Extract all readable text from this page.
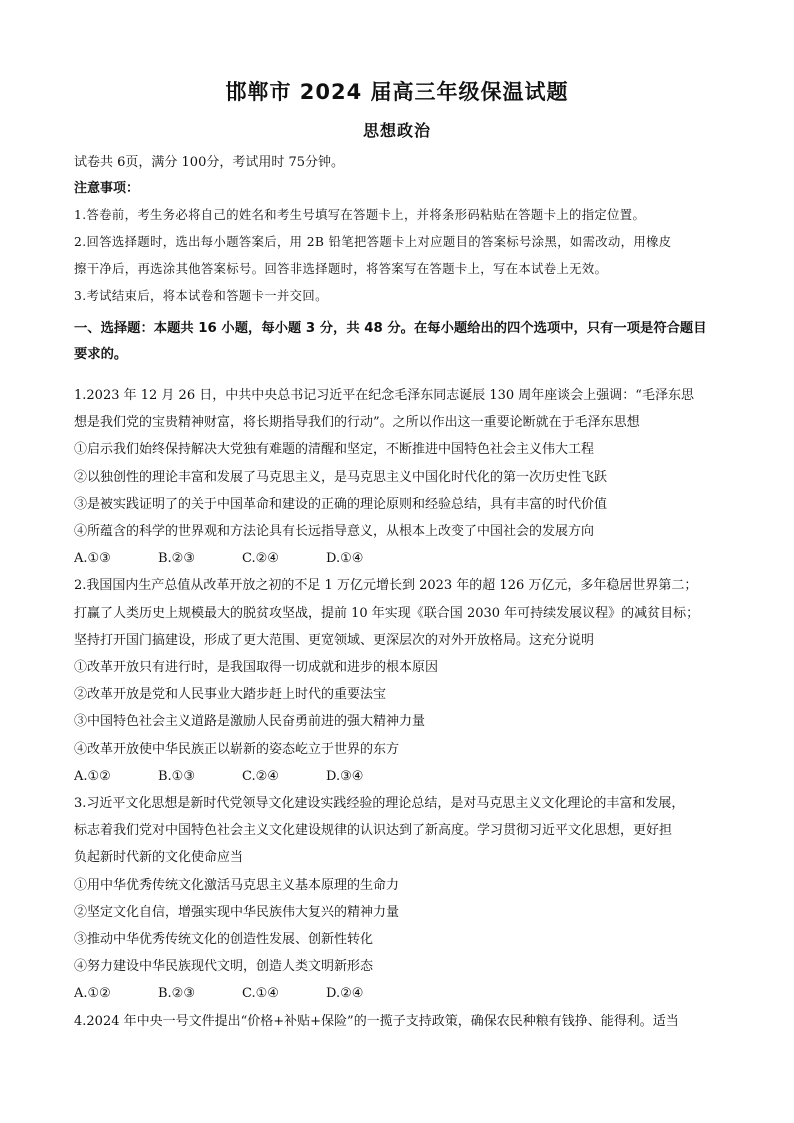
邯郸市 2024 届高三年级保温试题
思想政治
试卷共 6页，满分 100分，考试用时 75分钟。
注意事项：
1.答卷前，考生务必将自己的姓名和考生号填写在答题卡上，并将条形码粘贴在答题卡上的指定位置。
2.回答选择题时，选出每小题答案后，用 2B 铅笔把答题卡上对应题目的答案标号涂黑，如需改动，用橡皮
擦干净后，再选涂其他答案标号。回答非选择题时，将答案写在答题卡上，写在本试卷上无效。
3.考试结束后，将本试卷和答题卡一并交回。
一、选择题：本题共 16 小题，每小题 3 分，共 48 分。在每小题给出的四个选项中，只有一项是符合题目
要求的。
1.2023 年 12 月 26 日，中共中央总书记习近平在纪念毛泽东同志诞辰 130 周年座谈会上强调：“毛泽东思
想是我们党的宝贵精神财富，将长期指导我们的行动”。之所以作出这一重要论断就在于毛泽东思想
①启示我们始终保持解决大党独有难题的清醒和坚定，不断推进中国特色社会主义伟大工程
②以独创性的理论丰富和发展了马克思主义，是马克思主义中国化时代化的第一次历史性飞跃
③是被实践证明了的关于中国革命和建设的正确的理论原则和经验总结，具有丰富的时代价值
④所蕴含的科学的世界观和方法论具有长远指导意义，从根本上改变了中国社会的发展方向
A.①③	B.②③	C.②④	D.①④
2.我国国内生产总值从改革开放之初的不足 1 万亿元增长到 2023 年的超 126 万亿元，多年稳居世界第二；
打赢了人类历史上规模最大的脱贫攻坚战，提前 10 年实现《联合国 2030 年可持续发展议程》的减贫目标；
坚持打开国门搞建设，形成了更大范围、更宽领域、更深层次的对外开放格局。这充分说明
①改革开放只有进行时，是我国取得一切成就和进步的根本原因
②改革开放是党和人民事业大踏步赶上时代的重要法宝
③中国特色社会主义道路是激励人民奋勇前进的强大精神力量
④改革开放使中华民族正以崭新的姿态屹立于世界的东方
A.①②	B.①③	C.②④	D.③④
3.习近平文化思想是新时代党领导文化建设实践经验的理论总结，是对马克思主义文化理论的丰富和发展，
标志着我们党对中国特色社会主义文化建设规律的认识达到了新高度。学习贯彻习近平文化思想，更好担
负起新时代新的文化使命应当
①用中华优秀传统文化激活马克思主义基本原理的生命力
②坚定文化自信，增强实现中华民族伟大复兴的精神力量
③推动中华优秀传统文化的创造性发展、创新性转化
④努力建设中华民族现代文明，创造人类文明新形态
A.①②	B.②③	C.①④	D.②④
4.2024 年中央一号文件提出“价格+补贴+保险”的一揽子支持政策，确保农民种粮有钱挣、能得利。适当
